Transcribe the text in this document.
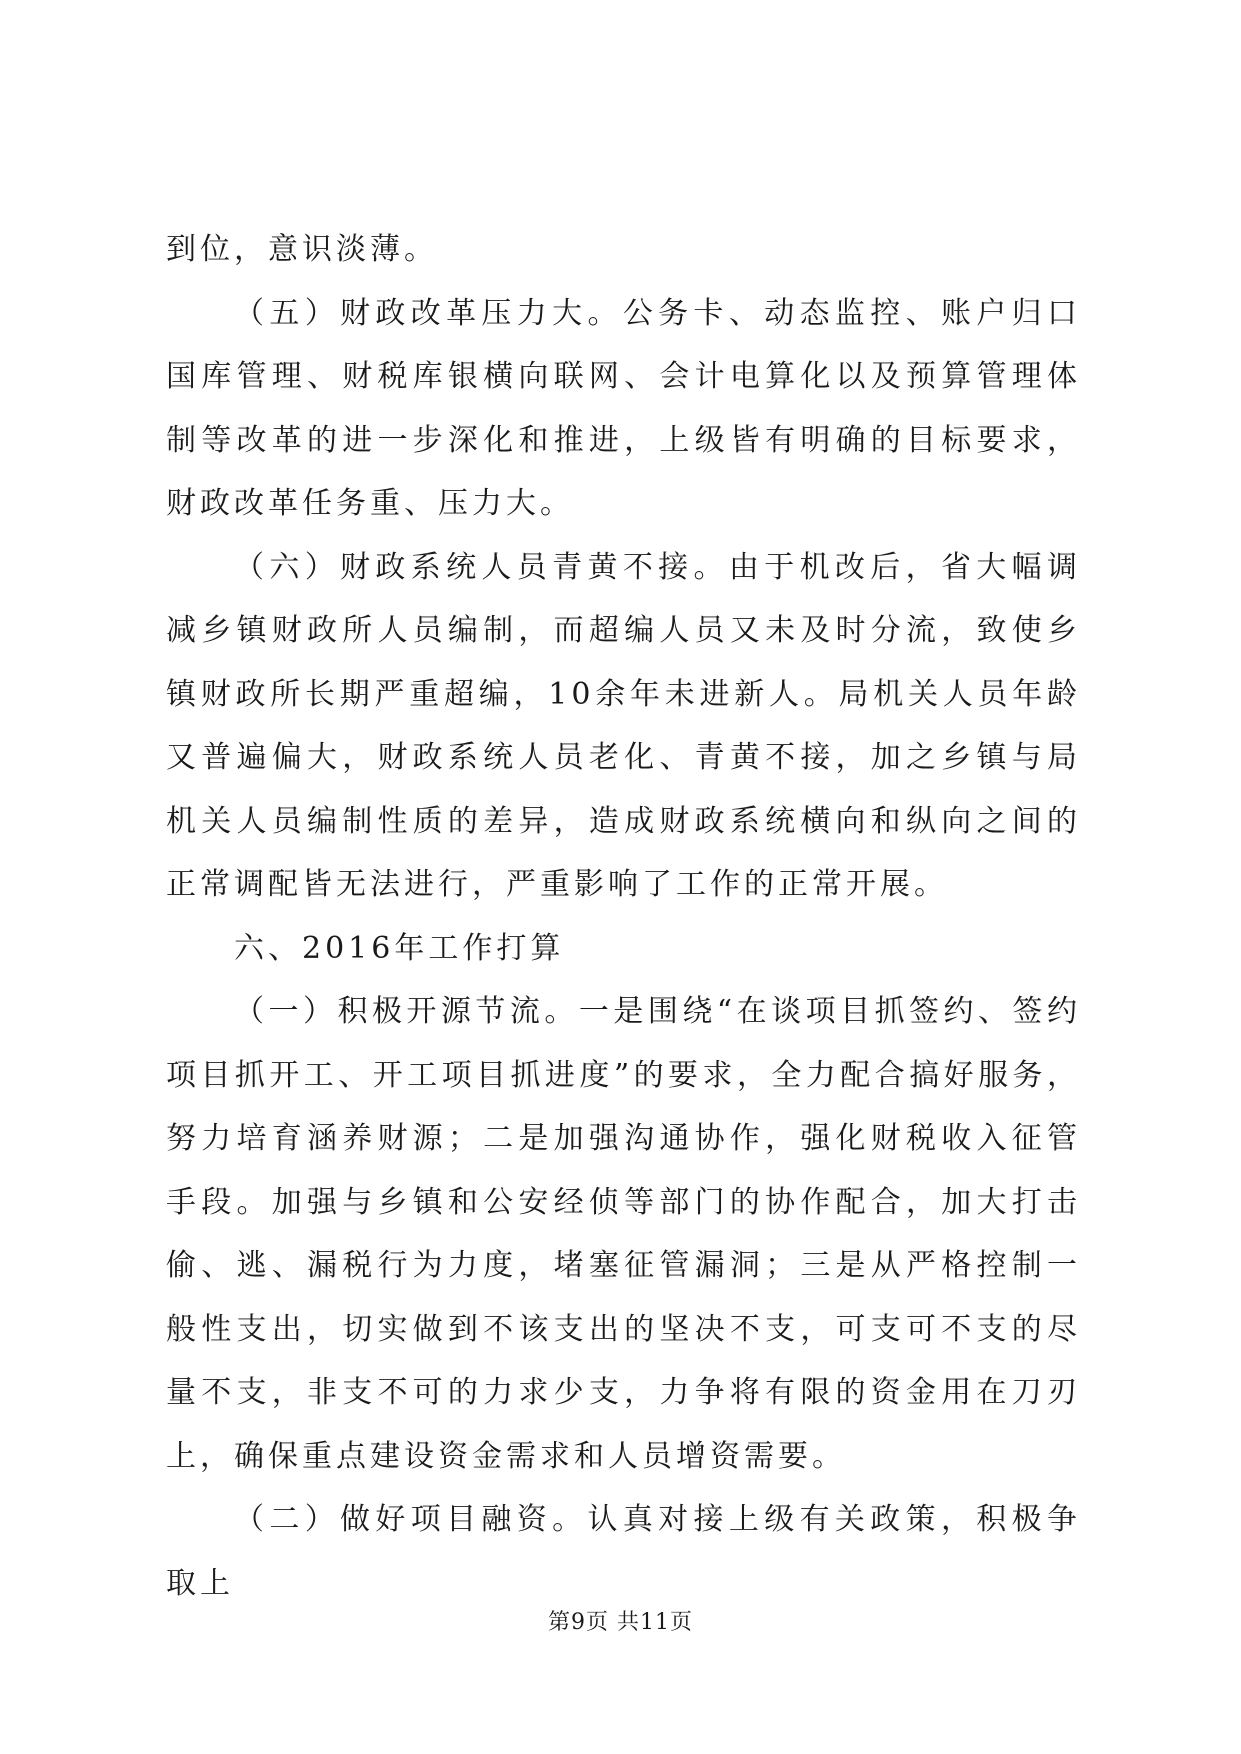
到位，意识淡薄。

（五）财政改革压力大。公务卡、动态监控、账户归口国库管理、财税库银横向联网、会计电算化以及预算管理体制等改革的进一步深化和推进，上级皆有明确的目标要求，财政改革任务重、压力大。

（六）财政系统人员青黄不接。由于机改后，省大幅调减乡镇财政所人员编制，而超编人员又未及时分流，致使乡镇财政所长期严重超编，10余年未进新人。局机关人员年龄又普遍偏大，财政系统人员老化、青黄不接，加之乡镇与局机关人员编制性质的差异，造成财政系统横向和纵向之间的正常调配皆无法进行，严重影响了工作的正常开展。

六、2016年工作打算

（一）积极开源节流。一是围绕“在谈项目抓签约、签约项目抓开工、开工项目抓进度”的要求，全力配合搞好服务，努力培育涵养财源；二是加强沟通协作，强化财税收入征管手段。加强与乡镇和公安经侦等部门的协作配合，加大打击偷、逃、漏税行为力度，堵塞征管漏洞；三是从严格控制一般性支出，切实做到不该支出的坚决不支，可支可不支的尽量不支，非支不可的力求少支，力争将有限的资金用在刀刃上，确保重点建设资金需求和人员增资需要。

（二）做好项目融资。认真对接上级有关政策，积极争取上

第9页 共11页
